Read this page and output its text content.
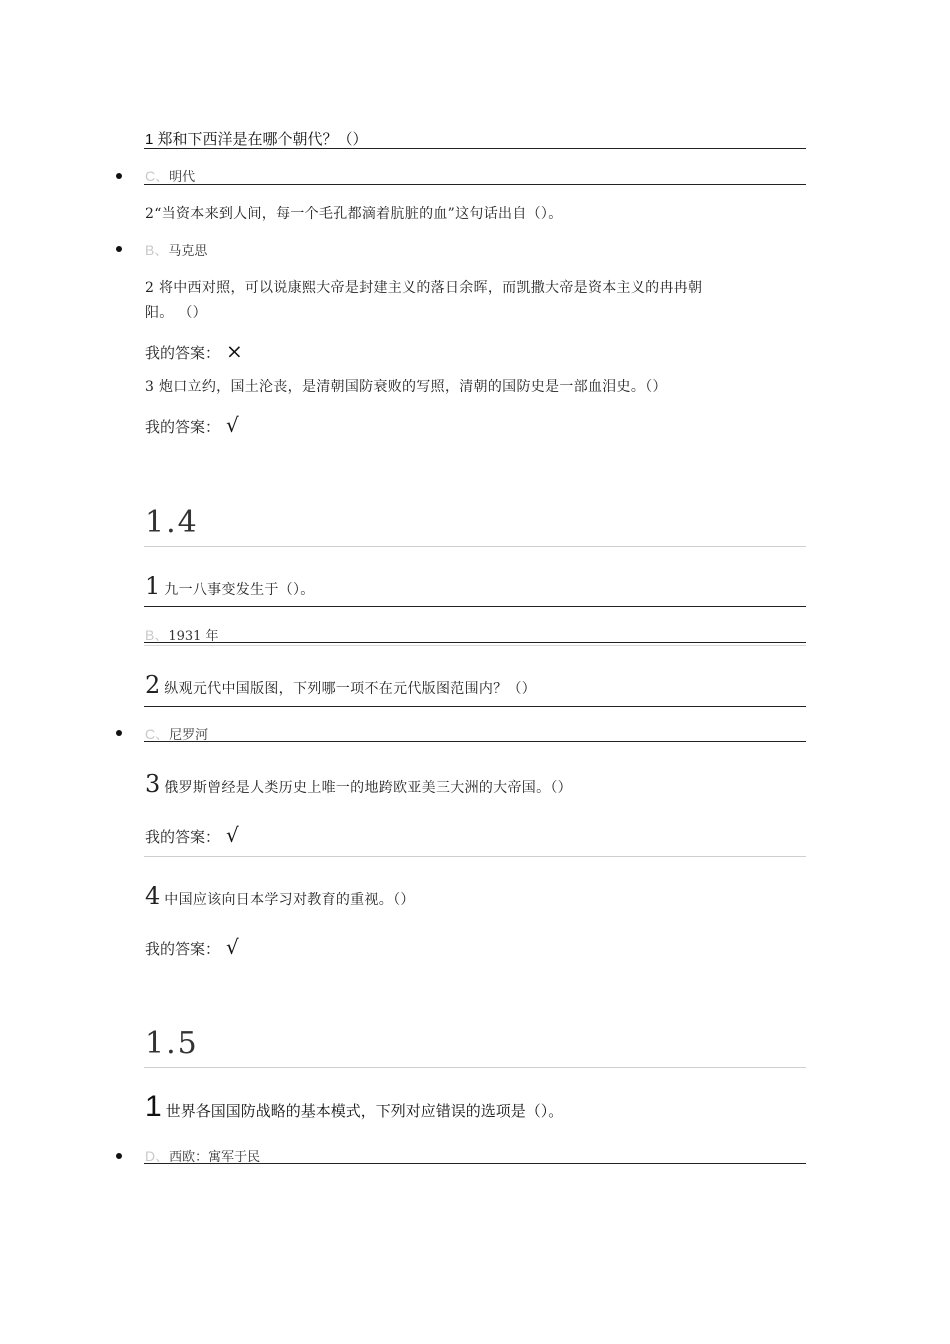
1 郑和下西洋是在哪个朝代？（）
C、明代
2“当资本来到人间，每一个毛孔都滴着肮脏的血”这句话出自（）。
B、马克思
2 将中西对照，可以说康熙大帝是封建主义的落日余晖，而凯撒大帝是资本主义的冉冉朝
阳。 （）
我的答案： ×
3 炮口立约，国土沦丧，是清朝国防衰败的写照，清朝的国防史是一部血泪史。（）
我的答案： √
1.4
1 九一八事变发生于（）。
B、1931 年
2 纵观元代中国版图，下列哪一项不在元代版图范围内？（）
C、尼罗河
3 俄罗斯曾经是人类历史上唯一的地跨欧亚美三大洲的大帝国。（）
我的答案： √
4 中国应该向日本学习对教育的重视。（）
我的答案： √
1.5
1 世界各国国防战略的基本模式，下列对应错误的选项是（）。
D、西欧：寓军于民
